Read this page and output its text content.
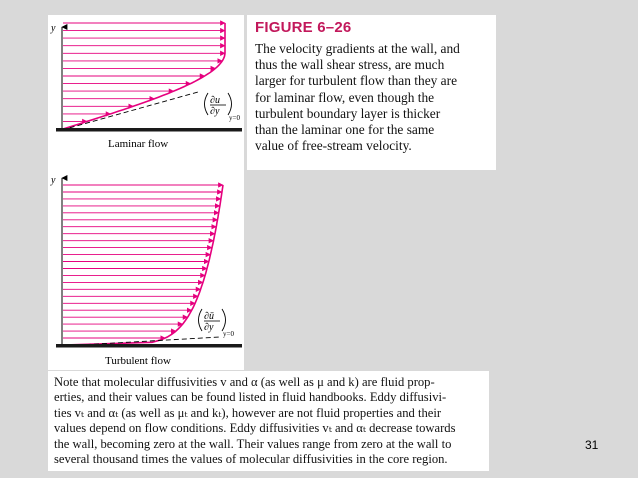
y
∂u
∂y
y=0
Laminar flow
y
∂ū
∂y
y=0
Turbulent flow
FIGURE 6–26

The velocity gradients at the wall, and
thus the wall shear stress, are much
larger for turbulent flow than they are
for laminar flow, even though the
turbulent boundary layer is thicker
than the laminar one for the same
value of free-stream velocity.

Note that molecular diffusivities v and α (as well as μ and k) are fluid prop-
erties, and their values can be found listed in fluid handbooks. Eddy diffusivi-
ties vₜ and αₜ (as well as μₜ and kₜ), however are not fluid properties and their
values depend on flow conditions. Eddy diffusivities vₜ and αₜ decrease towards
the wall, becoming zero at the wall. Their values range from zero at the wall to
several thousand times the values of molecular diffusivities in the core region.

31
